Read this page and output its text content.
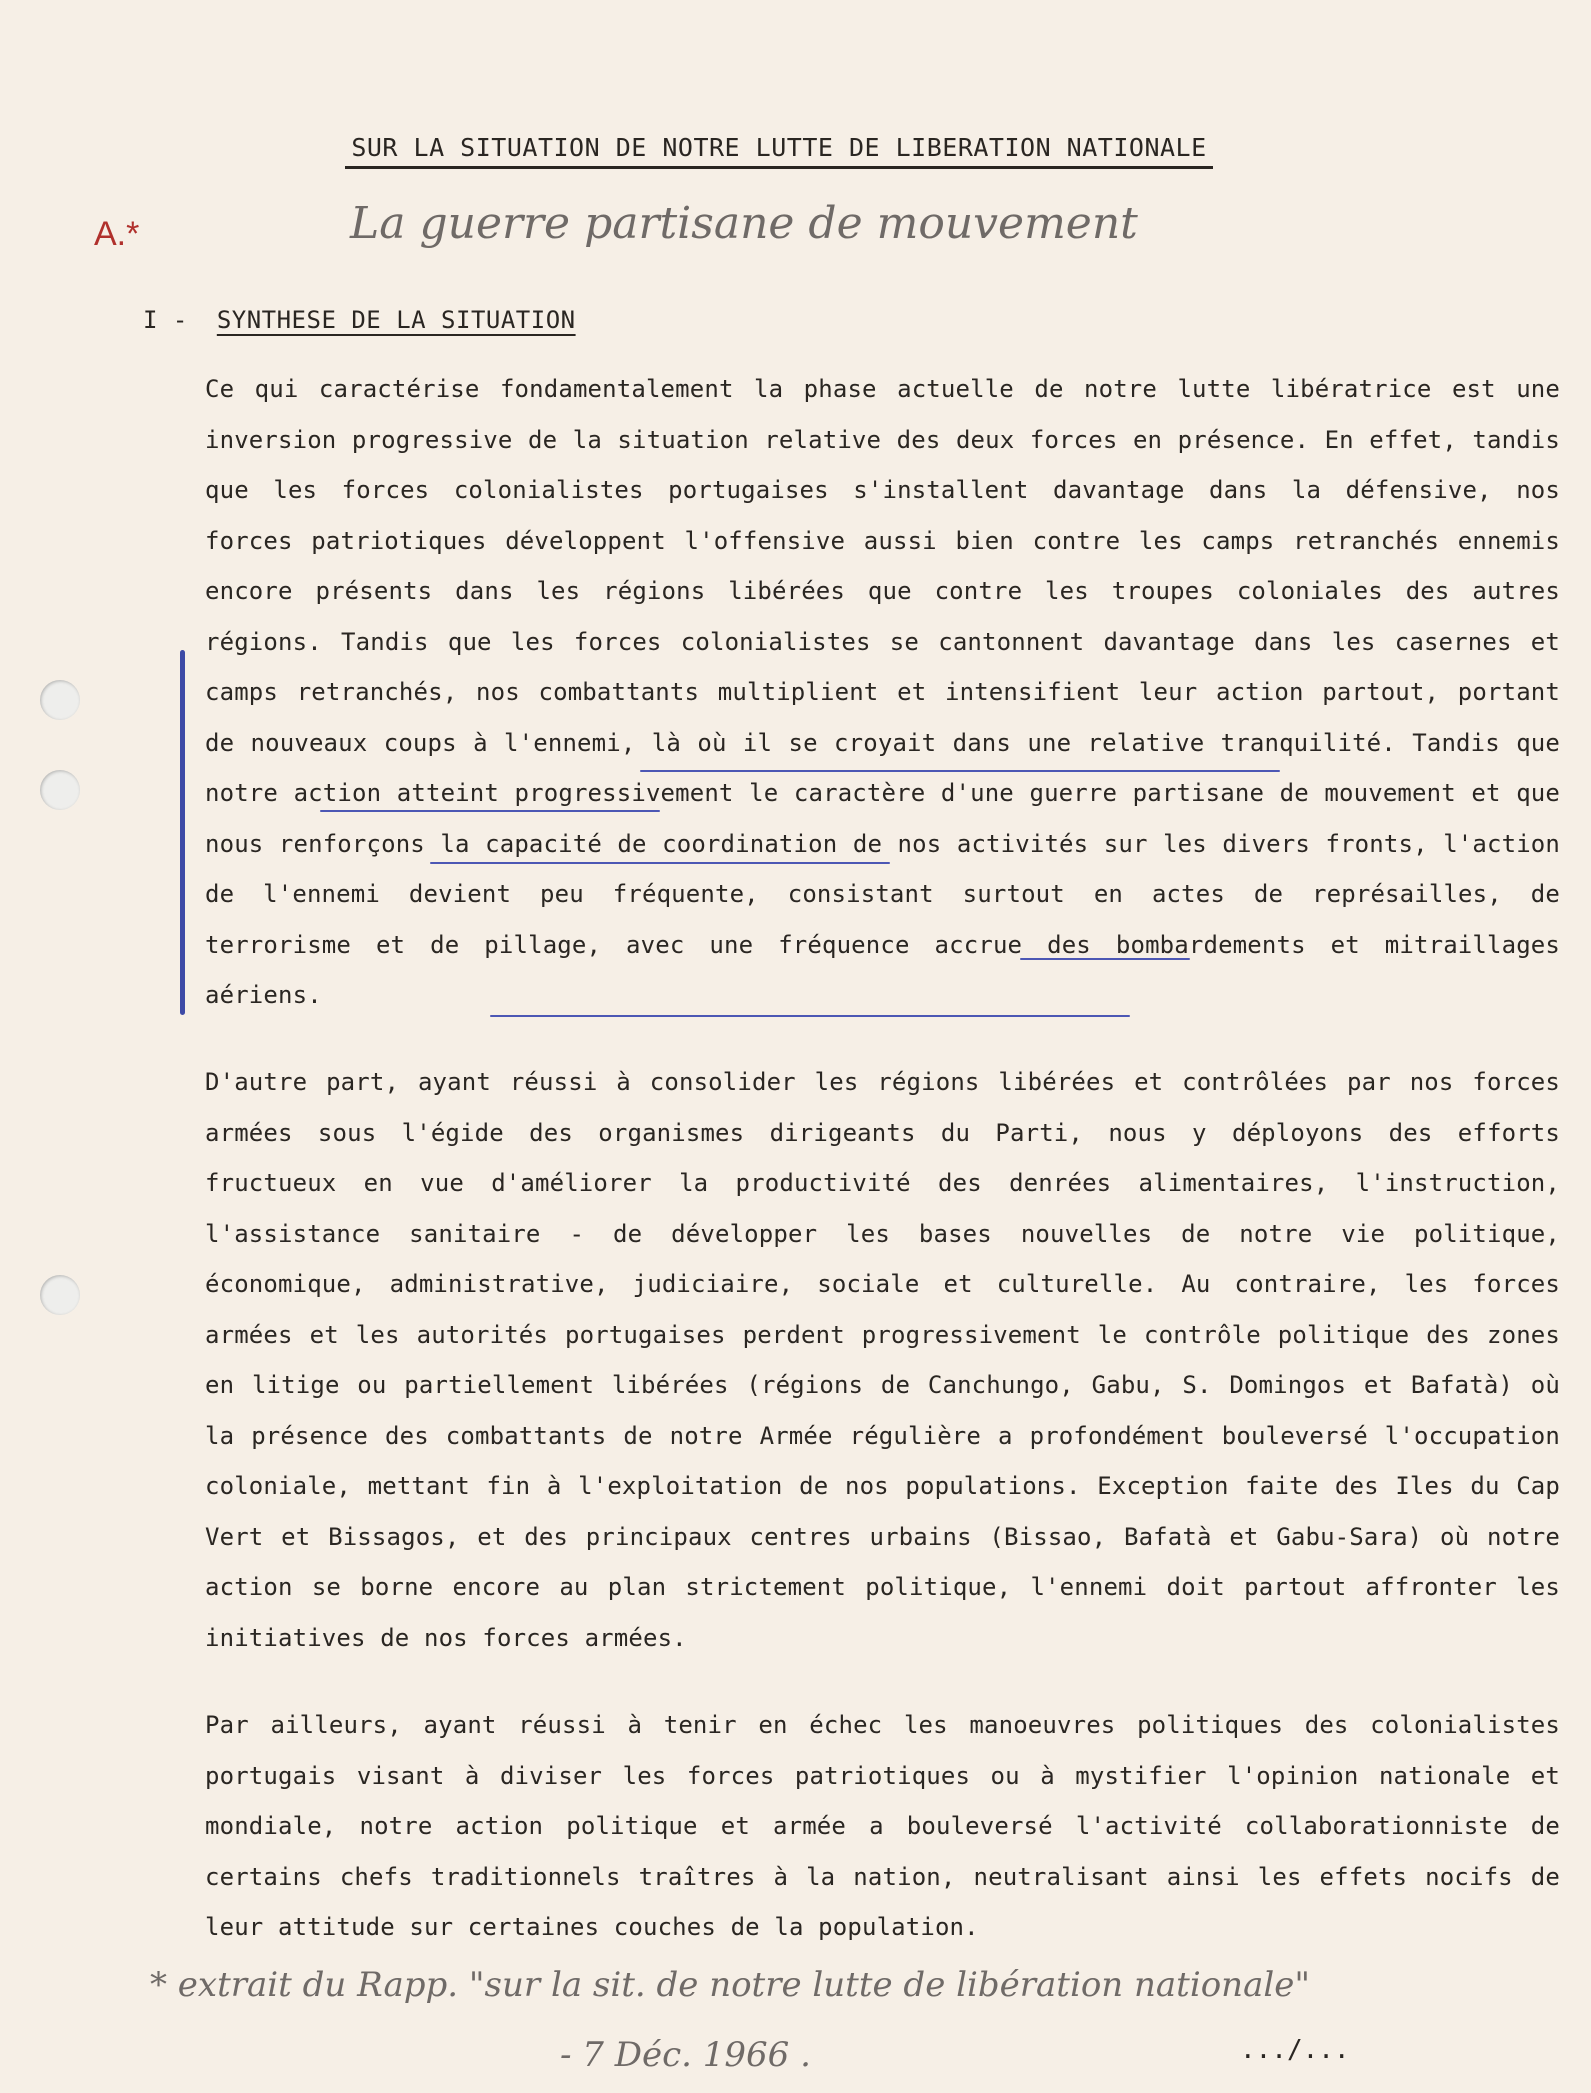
A.*
SUR LA SITUATION DE NOTRE LUTTE DE LIBERATION NATIONALE
La guerre partisane de mouvement
I - SYNTHESE DE LA SITUATION

Ce qui caractérise fondamentalement la phase actuelle de notre lutte libératrice est une inversion progressive de la situation relative des deux forces en présence. En effet, tandis que les forces colonialistes portugaises s'installent davantage dans la défensive, nos forces patriotiques développent l'offensive aussi bien contre les camps retranchés ennemis encore présents dans les régions libérées que contre les troupes coloniales des autres régions. Tandis que les forces colonialistes se cantonnent davantage dans les casernes et camps retranchés, nos combattants multiplient et intensifient leur action partout, portant de nouveaux coups à l'ennemi, là où il se croyait dans une relative tranquilité. Tandis que notre action atteint progressivement le caractère d'une guerre partisane de mouvement et que nous renforçons la capacité de coordination de nos activités sur les divers fronts, l'action de l'ennemi devient peu fréquente, consistant surtout en actes de représailles, de terrorisme et de pillage, avec une fréquence accrue des bombardements et mitraillages aériens.

D'autre part, ayant réussi à consolider les régions libérées et contrôlées par nos forces armées sous l'égide des organismes dirigeants du Parti, nous y déployons des efforts fructueux en vue d'améliorer la productivité des denrées alimentaires, l'instruction, l'assistance sanitaire - de développer les bases nouvelles de notre vie politique, économique, administrative, judiciaire, sociale et culturelle. Au contraire, les forces armées et les autorités portugaises perdent progressivement le contrôle politique des zones en litige ou partiellement libérées (régions de Canchungo, Gabu, S. Domingos et Bafatà) où la présence des combattants de notre Armée régulière a profondément bouleversé l'occupation coloniale, mettant fin à l'exploitation de nos populations. Exception faite des Iles du Cap Vert et Bissagos, et des principaux centres urbains (Bissao, Bafatà et Gabu-Sara) où notre action se borne encore au plan strictement politique, l'ennemi doit partout affronter les initiatives de nos forces armées.

Par ailleurs, ayant réussi à tenir en échec les manoeuvres politiques des colonialistes portugais visant à diviser les forces patriotiques ou à mystifier l'opinion nationale et mondiale, notre action politique et armée a bouleversé l'activité collaborationniste de certains chefs traditionnels traîtres à la nation, neutralisant ainsi les effets nocifs de leur attitude sur certaines couches de la population.

* extrait du Rapp. "sur la sit. de notre lutte de libération nationale"
- 7 Déc. 1966 .	.../...
